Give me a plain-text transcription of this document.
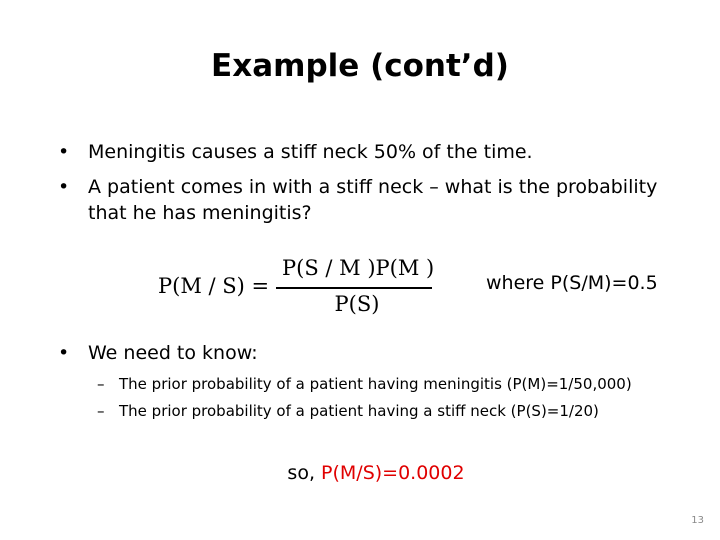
Example (cont’d)
• Meningitis causes a stiff neck 50% of the time.
• A patient comes in with a stiff neck – what is the probability
that he has meningitis?
P(M / S) =
P(S / M )P(M )
P(S)
where P(S/M)=0.5
• We need to know:
– The prior probability of a patient having meningitis (P(M)=1/50,000)
– The prior probability of a patient having a stiff neck (P(S)=1/20)
so, P(M/S)=0.0002
13
